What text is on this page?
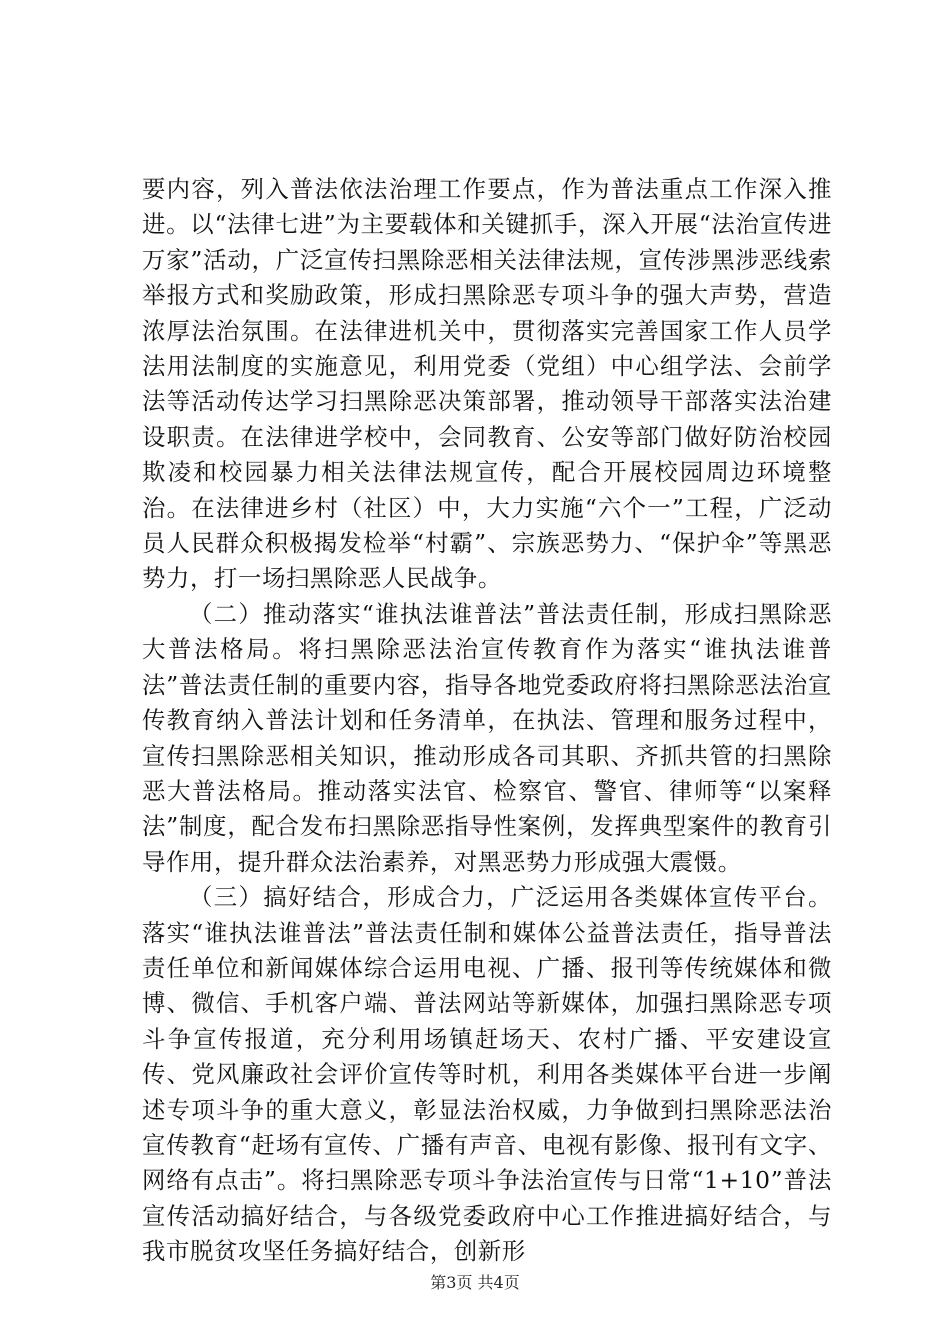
要内容，列入普法依法治理工作要点，作为普法重点工作深入推进。以“法律七进”为主要载体和关键抓手，深入开展“法治宣传进万家”活动，广泛宣传扫黑除恶相关法律法规，宣传涉黑涉恶线索举报方式和奖励政策，形成扫黑除恶专项斗争的强大声势，营造浓厚法治氛围。在法律进机关中，贯彻落实完善国家工作人员学法用法制度的实施意见，利用党委（党组）中心组学法、会前学法等活动传达学习扫黑除恶决策部署，推动领导干部落实法治建设职责。在法律进学校中，会同教育、公安等部门做好防治校园欺凌和校园暴力相关法律法规宣传，配合开展校园周边环境整治。在法律进乡村（社区）中，大力实施“六个一”工程，广泛动员人民群众积极揭发检举“村霸”、宗族恶势力、“保护伞”等黑恶势力，打一场扫黑除恶人民战争。

（二）推动落实“谁执法谁普法”普法责任制，形成扫黑除恶大普法格局。将扫黑除恶法治宣传教育作为落实“谁执法谁普法”普法责任制的重要内容，指导各地党委政府将扫黑除恶法治宣传教育纳入普法计划和任务清单，在执法、管理和服务过程中，宣传扫黑除恶相关知识，推动形成各司其职、齐抓共管的扫黑除恶大普法格局。推动落实法官、检察官、警官、律师等“以案释法”制度，配合发布扫黑除恶指导性案例，发挥典型案件的教育引导作用，提升群众法治素养，对黑恶势力形成强大震慑。

（三）搞好结合，形成合力，广泛运用各类媒体宣传平台。落实“谁执法谁普法”普法责任制和媒体公益普法责任，指导普法责任单位和新闻媒体综合运用电视、广播、报刊等传统媒体和微博、微信、手机客户端、普法网站等新媒体，加强扫黑除恶专项斗争宣传报道，充分利用场镇赶场天、农村广播、平安建设宣传、党风廉政社会评价宣传等时机，利用各类媒体平台进一步阐述专项斗争的重大意义，彰显法治权威，力争做到扫黑除恶法治宣传教育“赶场有宣传、广播有声音、电视有影像、报刊有文字、网络有点击”。将扫黑除恶专项斗争法治宣传与日常“1+10”普法宣传活动搞好结合，与各级党委政府中心工作推进搞好结合，与我市脱贫攻坚任务搞好结合，创新形

第3页 共4页
